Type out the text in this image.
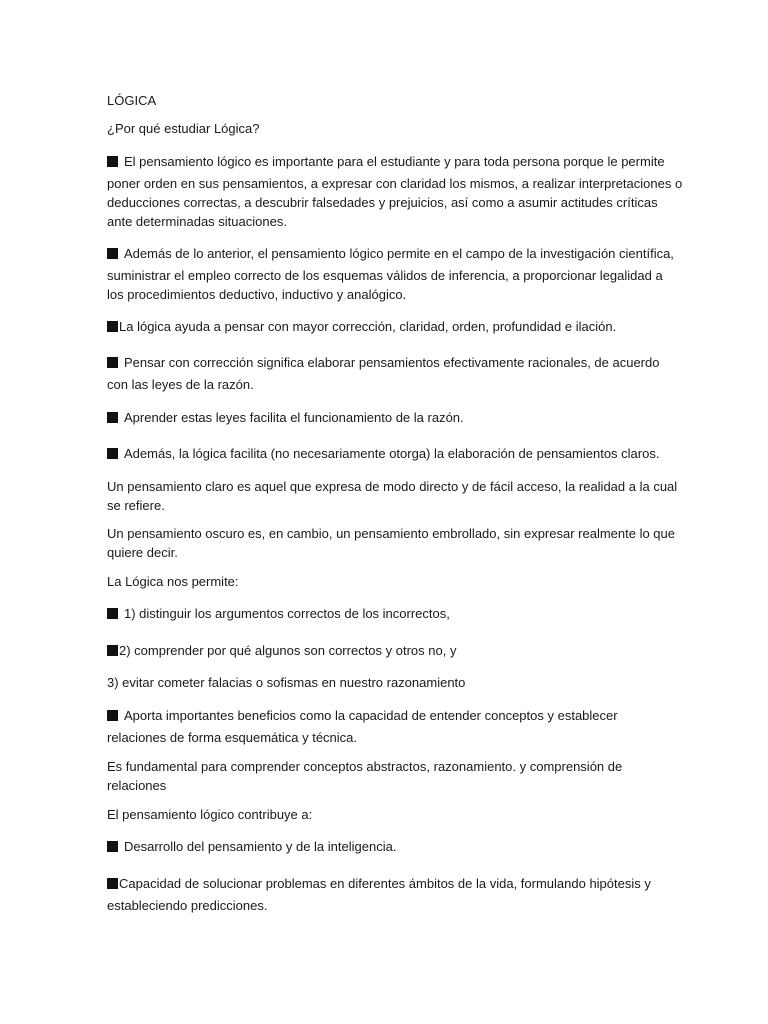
LÓGICA
¿Por qué estudiar Lógica?
El pensamiento lógico es importante para el estudiante y para toda persona porque le permite
poner orden en sus pensamientos, a expresar con claridad los mismos, a realizar interpretaciones o
deducciones correctas, a descubrir falsedades y prejuicios, así como a asumir actitudes críticas
ante determinadas situaciones.
Además de lo anterior, el pensamiento lógico permite en el campo de la investigación científica,
suministrar el empleo correcto de los esquemas válidos de inferencia, a proporcionar legalidad a
los procedimientos deductivo, inductivo y analógico.
La lógica ayuda a pensar con mayor corrección, claridad, orden, profundidad e ilación.
Pensar con corrección significa elaborar pensamientos efectivamente racionales, de acuerdo
con las leyes de la razón.
Aprender estas leyes facilita el funcionamiento de la razón.
Además, la lógica facilita (no necesariamente otorga) la elaboración de pensamientos claros.
Un pensamiento claro es aquel que expresa de modo directo y de fácil acceso, la realidad a la cual
se refiere.
Un pensamiento oscuro es, en cambio, un pensamiento embrollado, sin expresar realmente lo que
quiere decir.
La Lógica nos permite:
1) distinguir los argumentos correctos de los incorrectos,
2) comprender por qué algunos son correctos y otros no, y
3) evitar cometer falacias o sofismas en nuestro razonamiento
Aporta importantes beneficios como la capacidad de entender conceptos y establecer
relaciones de forma esquemática y técnica.
Es fundamental para comprender conceptos abstractos, razonamiento. y comprensión de
relaciones
El pensamiento lógico contribuye a:
Desarrollo del pensamiento y de la inteligencia.
Capacidad de solucionar problemas en diferentes ámbitos de la vida, formulando hipótesis y
estableciendo predicciones.
